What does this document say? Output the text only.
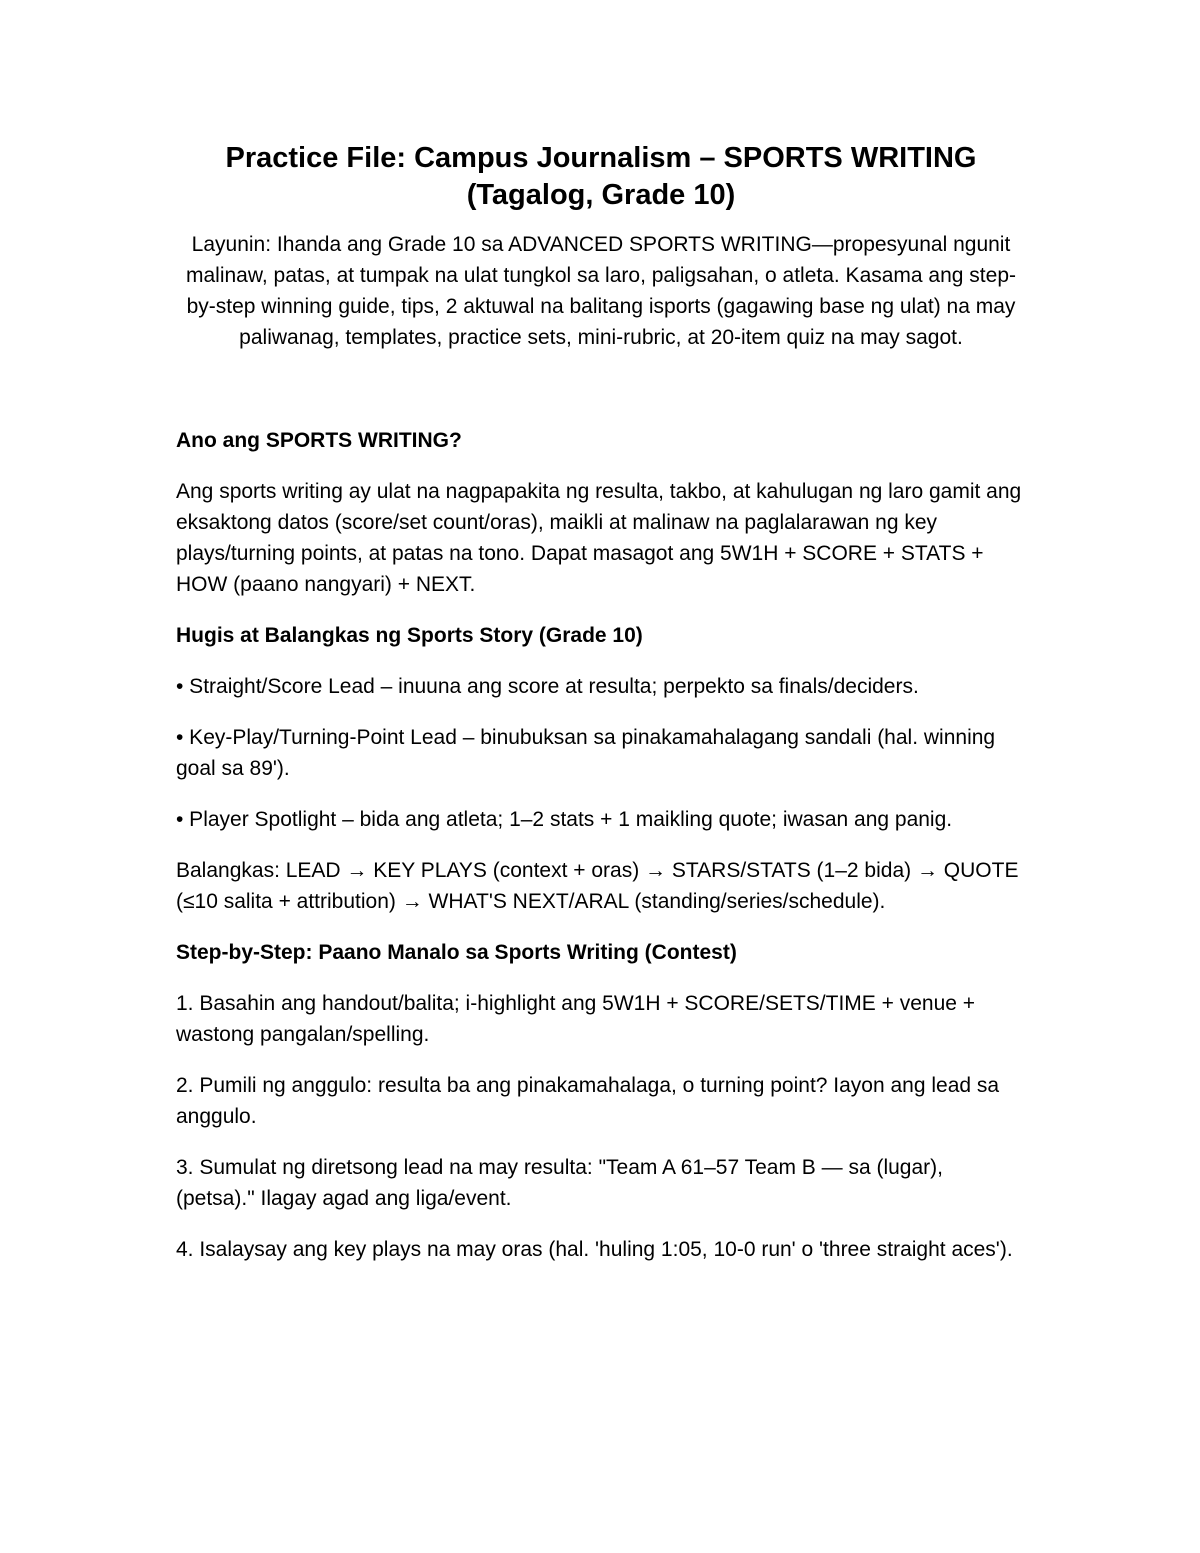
Practice File: Campus Journalism – SPORTS WRITING
(Tagalog, Grade 10)

Layunin: Ihanda ang Grade 10 sa ADVANCED SPORTS WRITING—propesyunal ngunit malinaw, patas, at tumpak na ulat tungkol sa laro, paligsahan, o atleta. Kasama ang step-by-step winning guide, tips, 2 aktuwal na balitang isports (gagawing base ng ulat) na may paliwanag, templates, practice sets, mini-rubric, at 20-item quiz na may sagot.

Ano ang SPORTS WRITING?

Ang sports writing ay ulat na nagpapakita ng resulta, takbo, at kahulugan ng laro gamit ang eksaktong datos (score/set count/oras), maikli at malinaw na paglalarawan ng key plays/turning points, at patas na tono. Dapat masagot ang 5W1H + SCORE + STATS + HOW (paano nangyari) + NEXT.

Hugis at Balangkas ng Sports Story (Grade 10)

• Straight/Score Lead – inuuna ang score at resulta; perpekto sa finals/deciders.

• Key-Play/Turning-Point Lead – binubuksan sa pinakamahalagang sandali (hal. winning goal sa 89').

• Player Spotlight – bida ang atleta; 1–2 stats + 1 maikling quote; iwasan ang panig.

Balangkas: LEAD → KEY PLAYS (context + oras) → STARS/STATS (1–2 bida) → QUOTE (≤10 salita + attribution) → WHAT'S NEXT/ARAL (standing/series/schedule).

Step-by-Step: Paano Manalo sa Sports Writing (Contest)

1. Basahin ang handout/balita; i-highlight ang 5W1H + SCORE/SETS/TIME + venue + wastong pangalan/spelling.

2. Pumili ng anggulo: resulta ba ang pinakamahalaga, o turning point? Iayon ang lead sa anggulo.

3. Sumulat ng diretsong lead na may resulta: "Team A 61–57 Team B — sa (lugar), (petsa)." Ilagay agad ang liga/event.

4. Isalaysay ang key plays na may oras (hal. 'huling 1:05, 10-0 run' o 'three straight aces').
